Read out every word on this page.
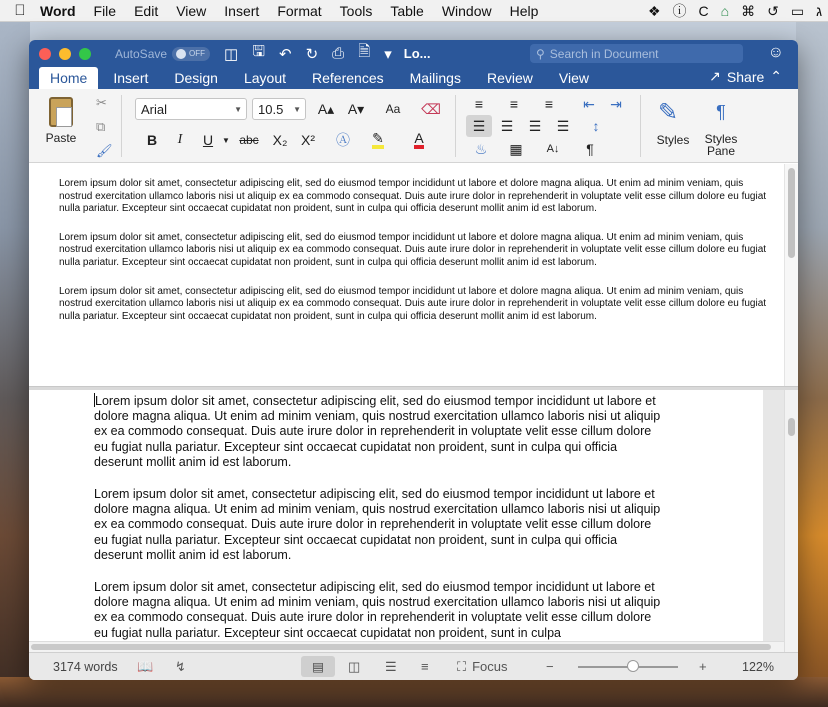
Word File Edit View Insert Format Tools Table Window Help	❖ ⓘ C ⌂ ⌘ ↺ ▭ ג
AutoSave	OFF ◫ 🖫 ↶ ↻ ⎙ 🗎 ▾ Lo...	⚲ Search in Document	☺
Home	Insert	Design	Layout	References	Mailings	Review	View	↗ Share ⌃
Paste
✂
⧉
🖌
Arial	▼ 10.5 ▼	A▴ A▾	Aa	⌫
B	I	U	▼ abc X₂ X²	Ⓐ	✎ A
≡	≡	≡	⇤	⇥
☰	☰	☰	☰	↕
♨	▦	A↓	¶
✎
Styles
¶
Styles
Pane

Lorem ipsum dolor sit amet, consectetur adipiscing elit, sed do eiusmod tempor incididunt ut labore et dolore magna aliqua. Ut enim ad minim veniam, quis nostrud exercitation ullamco laboris nisi ut aliquip ex ea commodo consequat. Duis aute irure dolor in reprehenderit in voluptate velit esse cillum dolore eu fugiat nulla pariatur. Excepteur sint occaecat cupidatat non proident, sunt in culpa qui officia deserunt mollit anim id est laborum.

Lorem ipsum dolor sit amet, consectetur adipiscing elit, sed do eiusmod tempor incididunt ut labore et dolore magna aliqua. Ut enim ad minim veniam, quis nostrud exercitation ullamco laboris nisi ut aliquip ex ea commodo consequat. Duis aute irure dolor in reprehenderit in voluptate velit esse cillum dolore eu fugiat nulla pariatur. Excepteur sint occaecat cupidatat non proident, sunt in culpa qui officia deserunt mollit anim id est laborum.

Lorem ipsum dolor sit amet, consectetur adipiscing elit, sed do eiusmod tempor incididunt ut labore et dolore magna aliqua. Ut enim ad minim veniam, quis nostrud exercitation ullamco laboris nisi ut aliquip ex ea commodo consequat. Duis aute irure dolor in reprehenderit in voluptate velit esse cillum dolore eu fugiat nulla pariatur. Excepteur sint occaecat cupidatat non proident, sunt in culpa qui officia deserunt mollit anim id est laborum.

Lorem ipsum dolor sit amet, consectetur adipiscing elit, sed do eiusmod tempor incididunt ut labore et dolore magna aliqua. Ut enim ad minim veniam, quis nostrud exercitation ullamco laboris nisi ut aliquip ex ea commodo consequat. Duis aute irure dolor in reprehenderit in voluptate velit esse cillum dolore eu fugiat nulla pariatur. Excepteur sint occaecat cupidatat non proident, sunt in culpa qui officia deserunt mollit anim id est laborum.

Lorem ipsum dolor sit amet, consectetur adipiscing elit, sed do eiusmod tempor incididunt ut labore et dolore magna aliqua. Ut enim ad minim veniam, quis nostrud exercitation ullamco laboris nisi ut aliquip ex ea commodo consequat. Duis aute irure dolor in reprehenderit in voluptate velit esse cillum dolore eu fugiat nulla pariatur. Excepteur sint occaecat cupidatat non proident, sunt in culpa qui officia deserunt mollit anim id est laborum.

Lorem ipsum dolor sit amet, consectetur adipiscing elit, sed do eiusmod tempor incididunt ut labore et dolore magna aliqua. Ut enim ad minim veniam, quis nostrud exercitation ullamco laboris nisi ut aliquip ex ea commodo consequat. Duis aute irure dolor in reprehenderit in voluptate velit esse cillum dolore eu fugiat nulla pariatur. Excepteur sint occaecat cupidatat non proident, sunt in culpa

3174 words 📖 ↯	▤ ◫ ☰ ≡ ⛶ Focus	−	+	122%
